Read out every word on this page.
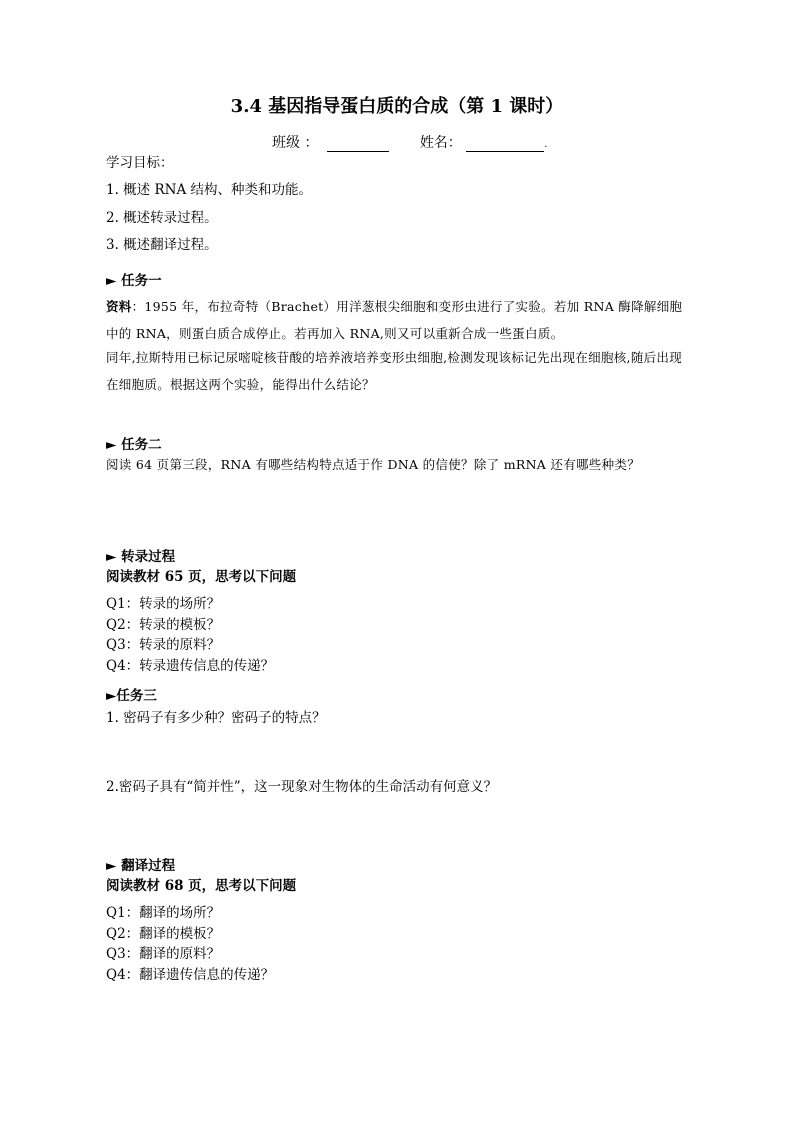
3.4 基因指导蛋白质的合成（第 1 课时）
班级 ：	姓名：	.
学习目标：
1. 概述 RNA 结构、种类和功能。
2. 概述转录过程。
3. 概述翻译过程。
► 任务一
资料：1955 年，布拉奇特（Brachet）用洋葱根尖细胞和变形虫进行了实验。若加 RNA 酶降解细胞中的 RNA，则蛋白质合成停止。若再加入 RNA,则又可以重新合成一些蛋白质。
同年,拉斯特用已标记尿嘧啶核苷酸的培养液培养变形虫细胞,检测发现该标记先出现在细胞核,随后出现在细胞质。根据这两个实验，能得出什么结论？
► 任务二
阅读 64 页第三段，RNA 有哪些结构特点适于作 DNA 的信使？除了 mRNA 还有哪些种类？
► 转录过程
阅读教材 65 页，思考以下问题
Q1：转录的场所？
Q2：转录的模板？
Q3：转录的原料？
Q4：转录遗传信息的传递？
►任务三
1. 密码子有多少种？密码子的特点？
2.密码子具有“简并性”，这一现象对生物体的生命活动有何意义？
► 翻译过程
阅读教材 68 页，思考以下问题
Q1：翻译的场所？
Q2：翻译的模板？
Q3：翻译的原料？
Q4：翻译遗传信息的传递？
